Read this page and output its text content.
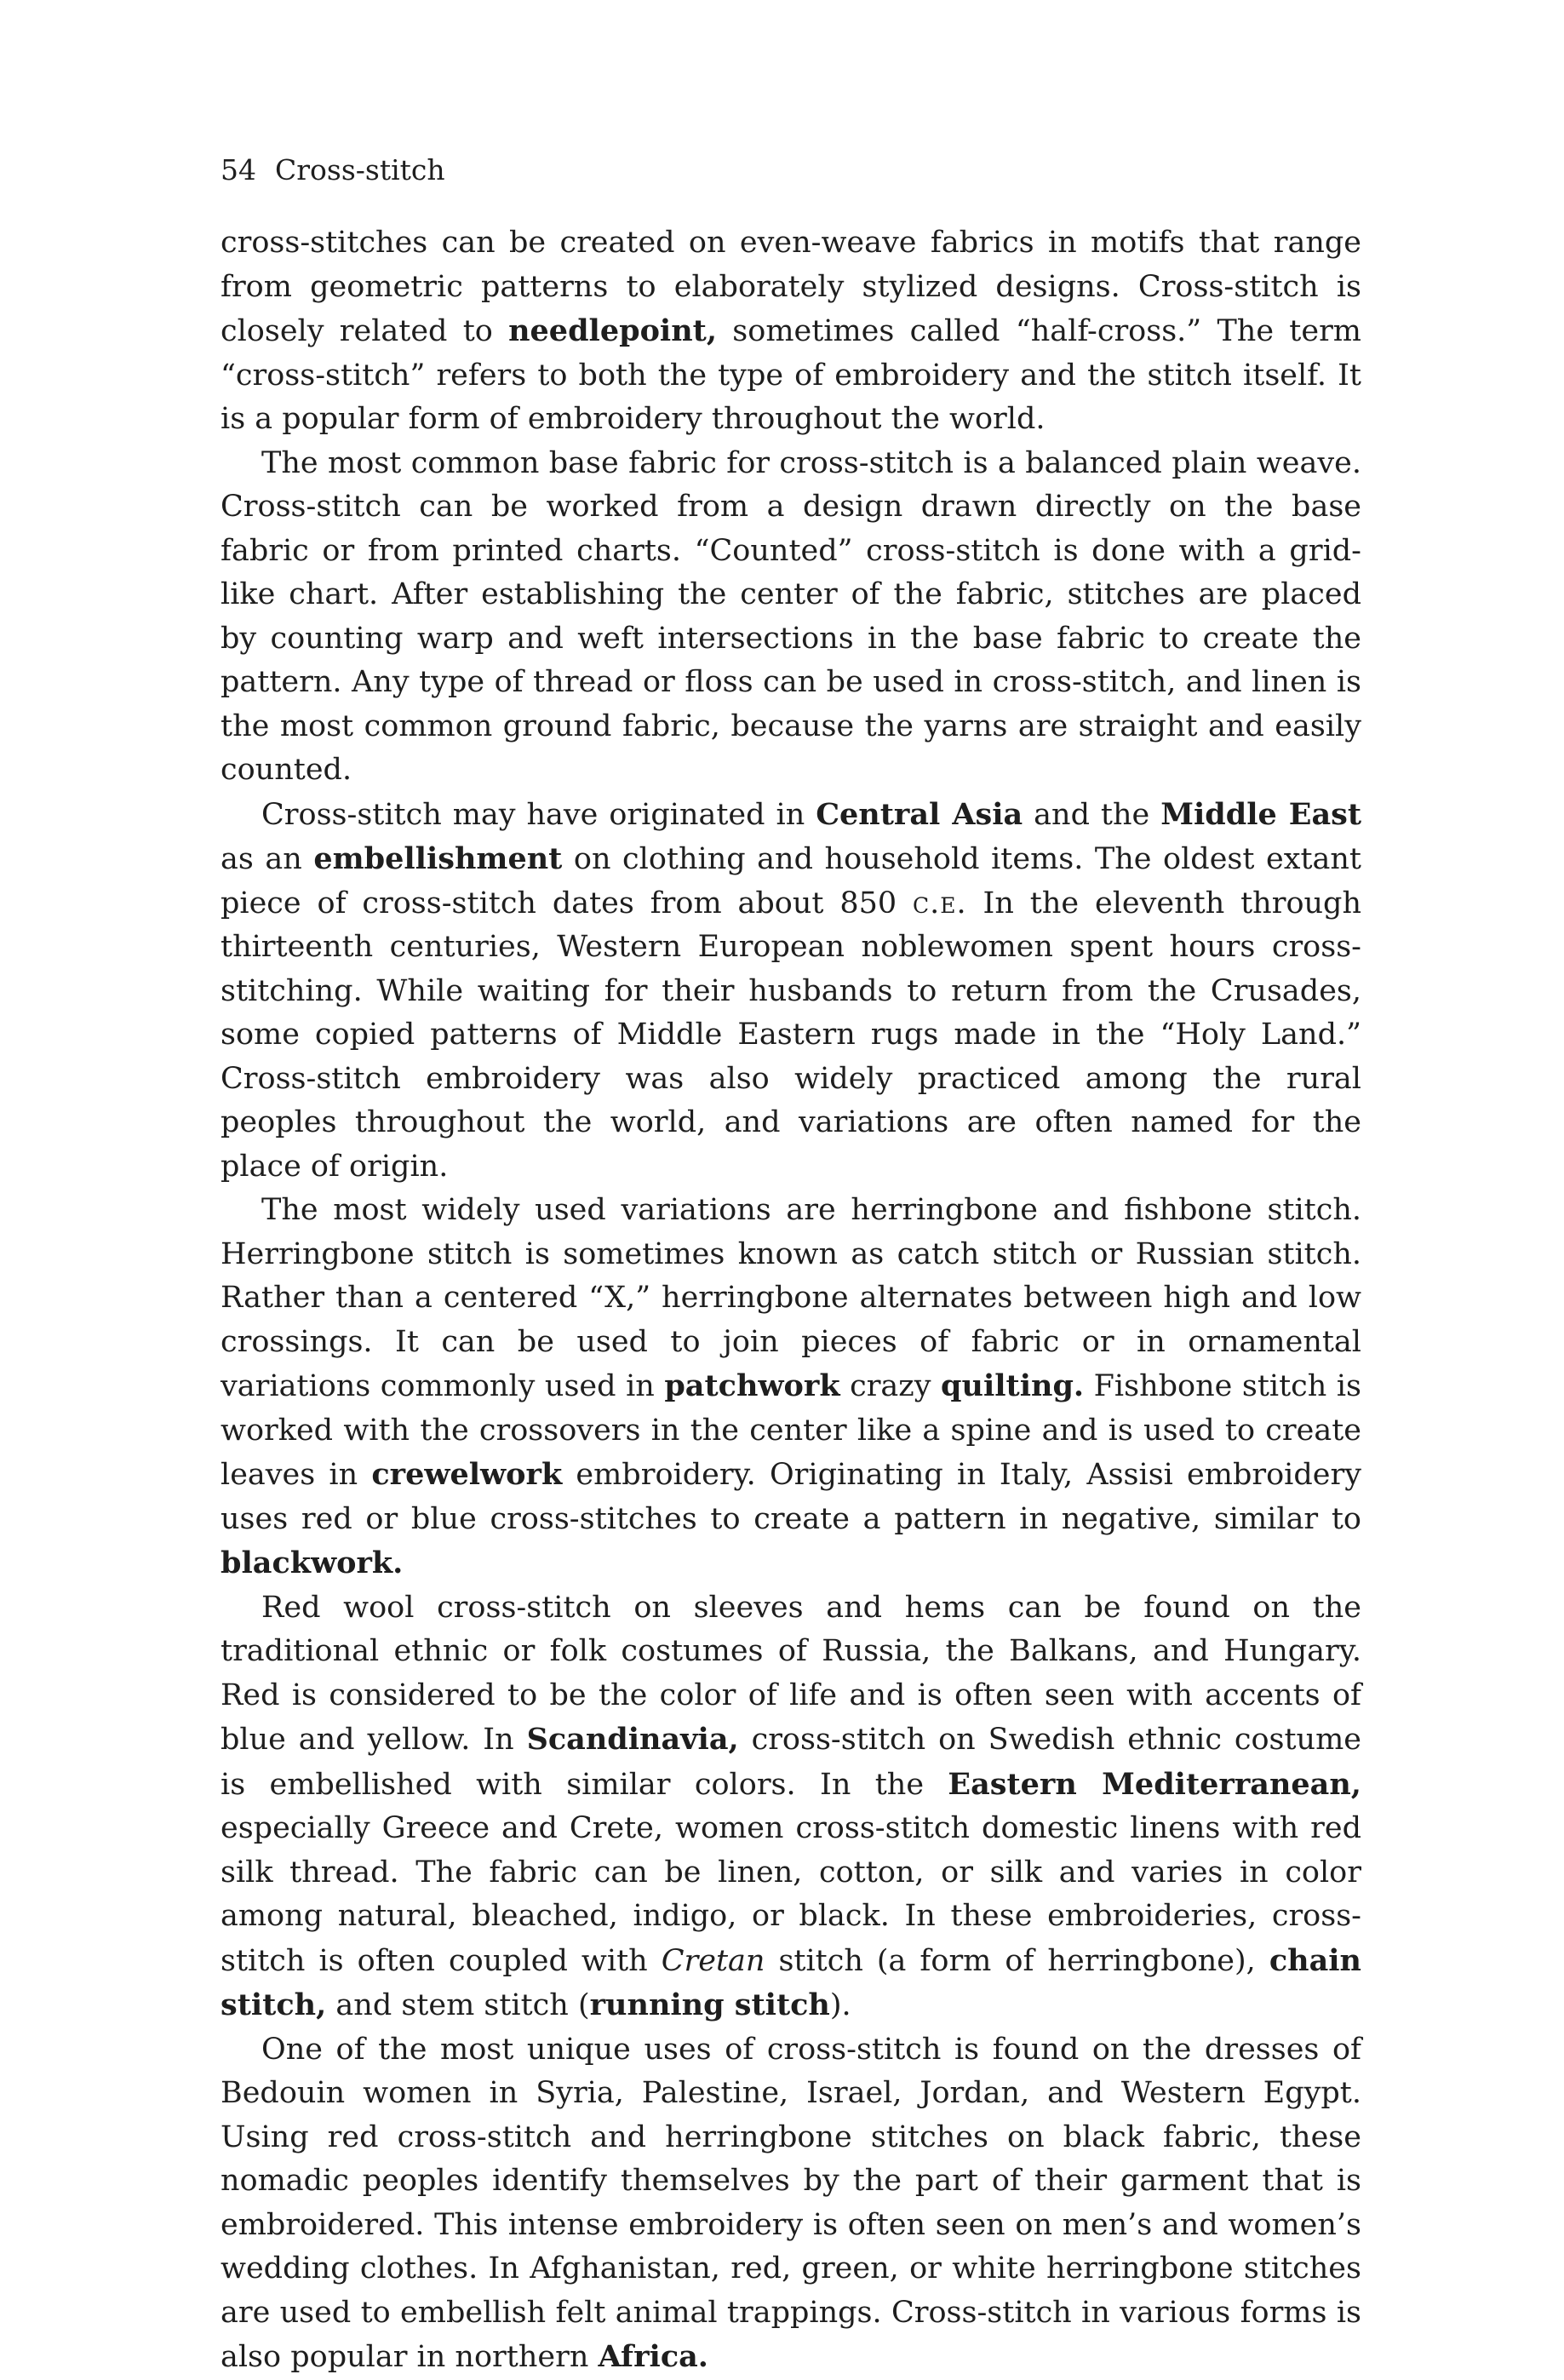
54 Cross-stitch

cross-stitches can be created on even-weave fabrics in motifs that range from geometric patterns to elaborately stylized designs. Cross-stitch is closely related to needlepoint, sometimes called “half-cross.” The term “cross-stitch” refers to both the type of embroidery and the stitch itself. It is a popular form of embroidery throughout the world.

The most common base fabric for cross-stitch is a balanced plain weave. Cross-stitch can be worked from a design drawn directly on the base fabric or from printed charts. “Counted” cross-stitch is done with a grid-like chart. After establishing the center of the fabric, stitches are placed by counting warp and weft intersections in the base fabric to create the pattern. Any type of thread or floss can be used in cross-stitch, and linen is the most common ground fabric, because the yarns are straight and easily counted.

Cross-stitch may have originated in Central Asia and the Middle East as an embellishment on clothing and household items. The oldest extant piece of cross-stitch dates from about 850 c.e. In the eleventh through thirteenth centuries, Western European noblewomen spent hours cross-stitching. While waiting for their husbands to return from the Crusades, some copied patterns of Middle Eastern rugs made in the “Holy Land.” Cross-stitch embroidery was also widely practiced among the rural peoples throughout the world, and variations are often named for the place of origin.

The most widely used variations are herringbone and fishbone stitch. Herringbone stitch is sometimes known as catch stitch or Russian stitch. Rather than a centered “X,” herringbone alternates between high and low crossings. It can be used to join pieces of fabric or in ornamental variations commonly used in patchwork crazy quilting. Fishbone stitch is worked with the crossovers in the center like a spine and is used to create leaves in crewelwork embroidery. Originating in Italy, Assisi embroidery uses red or blue cross-stitches to create a pattern in negative, similar to blackwork.

Red wool cross-stitch on sleeves and hems can be found on the traditional ethnic or folk costumes of Russia, the Balkans, and Hungary. Red is considered to be the color of life and is often seen with accents of blue and yellow. In Scandinavia, cross-stitch on Swedish ethnic costume is embellished with similar colors. In the Eastern Mediterranean, especially Greece and Crete, women cross-stitch domestic linens with red silk thread. The fabric can be linen, cotton, or silk and varies in color among natural, bleached, indigo, or black. In these embroideries, cross-stitch is often coupled with Cretan stitch (a form of herringbone), chain stitch, and stem stitch (running stitch).

One of the most unique uses of cross-stitch is found on the dresses of Bedouin women in Syria, Palestine, Israel, Jordan, and Western Egypt. Using red cross-stitch and herringbone stitches on black fabric, these nomadic peoples identify themselves by the part of their garment that is embroidered. This intense embroidery is often seen on men’s and women’s wedding clothes. In Afghanistan, red, green, or white herringbone stitches are used to embellish felt animal trappings. Cross-stitch in various forms is also popular in northern Africa.
